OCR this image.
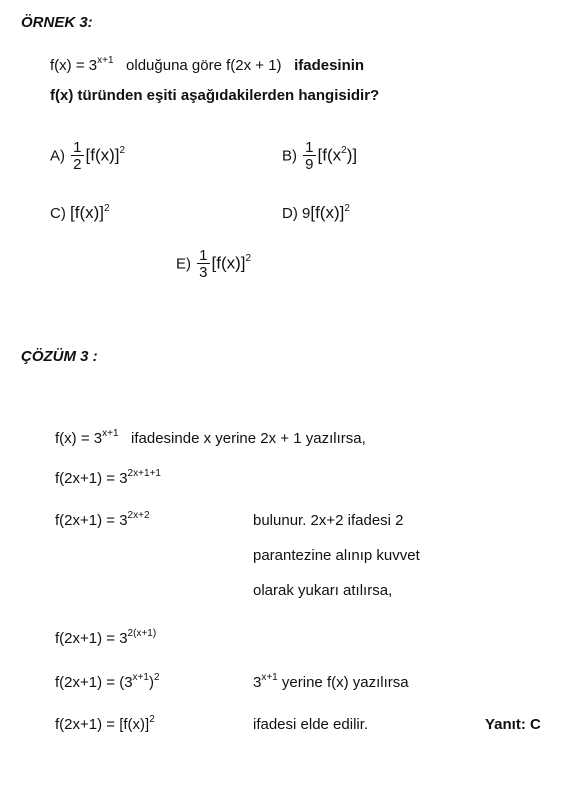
ÖRNEK 3:
$f(x) = 3^{x+1}$ olduğuna göre f(2x + 1) ifadesinin
f(x) türünden eşiti aşağıdakilerden hangisidir?
$A) \frac{1}{2} [f(x)]^2$	$B) \frac{1}{9} [f(x^2)]$
C) $[f(x)]^2$	D) $9[f(x)]^2$
$E) \frac{1}{3} [f(x)]^2$
ÇÖZÜM 3 :
$f(x) = 3^{x+1}$ ifadesinde x yerine 2x + 1 yazılırsa,
$f(2x+1) = 3^{2x+1+1}$
$f(2x+1) = 3^{2x+2}$	bulunur. 2x+2 ifadesi 2
parantezine alınıp kuvvet
olarak yukarı atılırsa,
$f(2x+1) = 3^{2(x+1)}$
$f(2x+1) = (3^{x+1})^2$	$3^{x+1}$ yerine f(x) yazılırsa
$f(2x+1) = [f(x)]^2$	ifadesi elde edilir.	Yanıt: C
